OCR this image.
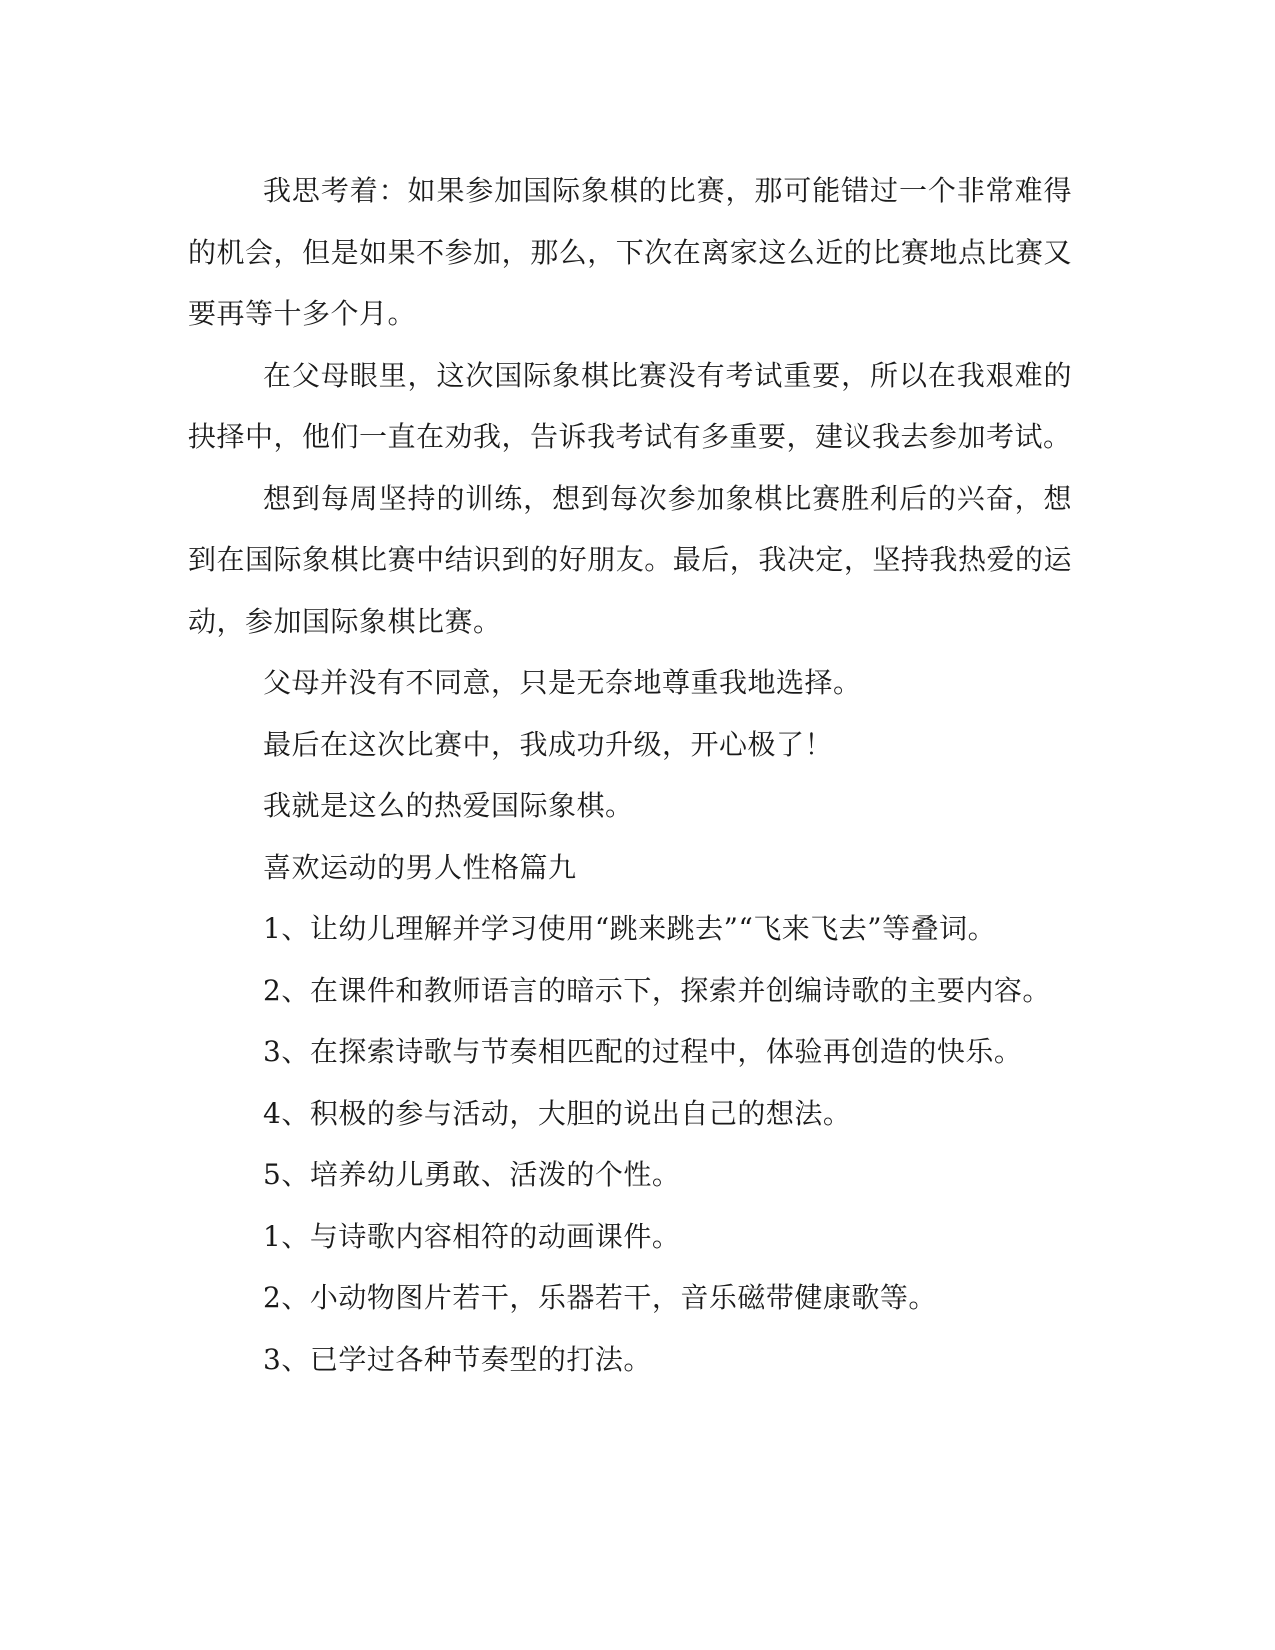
我思考着：如果参加国际象棋的比赛，那可能错过一个非常难得的机会，但是如果不参加，那么，下次在离家这么近的比赛地点比赛又要再等十多个月。

在父母眼里，这次国际象棋比赛没有考试重要，所以在我艰难的抉择中，他们一直在劝我，告诉我考试有多重要，建议我去参加考试。

想到每周坚持的训练，想到每次参加象棋比赛胜利后的兴奋，想到在国际象棋比赛中结识到的好朋友。最后，我决定，坚持我热爱的运动，参加国际象棋比赛。

父母并没有不同意，只是无奈地尊重我地选择。

最后在这次比赛中，我成功升级，开心极了！

我就是这么的热爱国际象棋。

喜欢运动的男人性格篇九

1、让幼儿理解并学习使用“跳来跳去”“飞来飞去”等叠词。

2、在课件和教师语言的暗示下，探索并创编诗歌的主要内容。

3、在探索诗歌与节奏相匹配的过程中，体验再创造的快乐。

4、积极的参与活动，大胆的说出自己的想法。

5、培养幼儿勇敢、活泼的个性。

1、与诗歌内容相符的动画课件。

2、小动物图片若干，乐器若干，音乐磁带健康歌等。

3、已学过各种节奏型的打法。
